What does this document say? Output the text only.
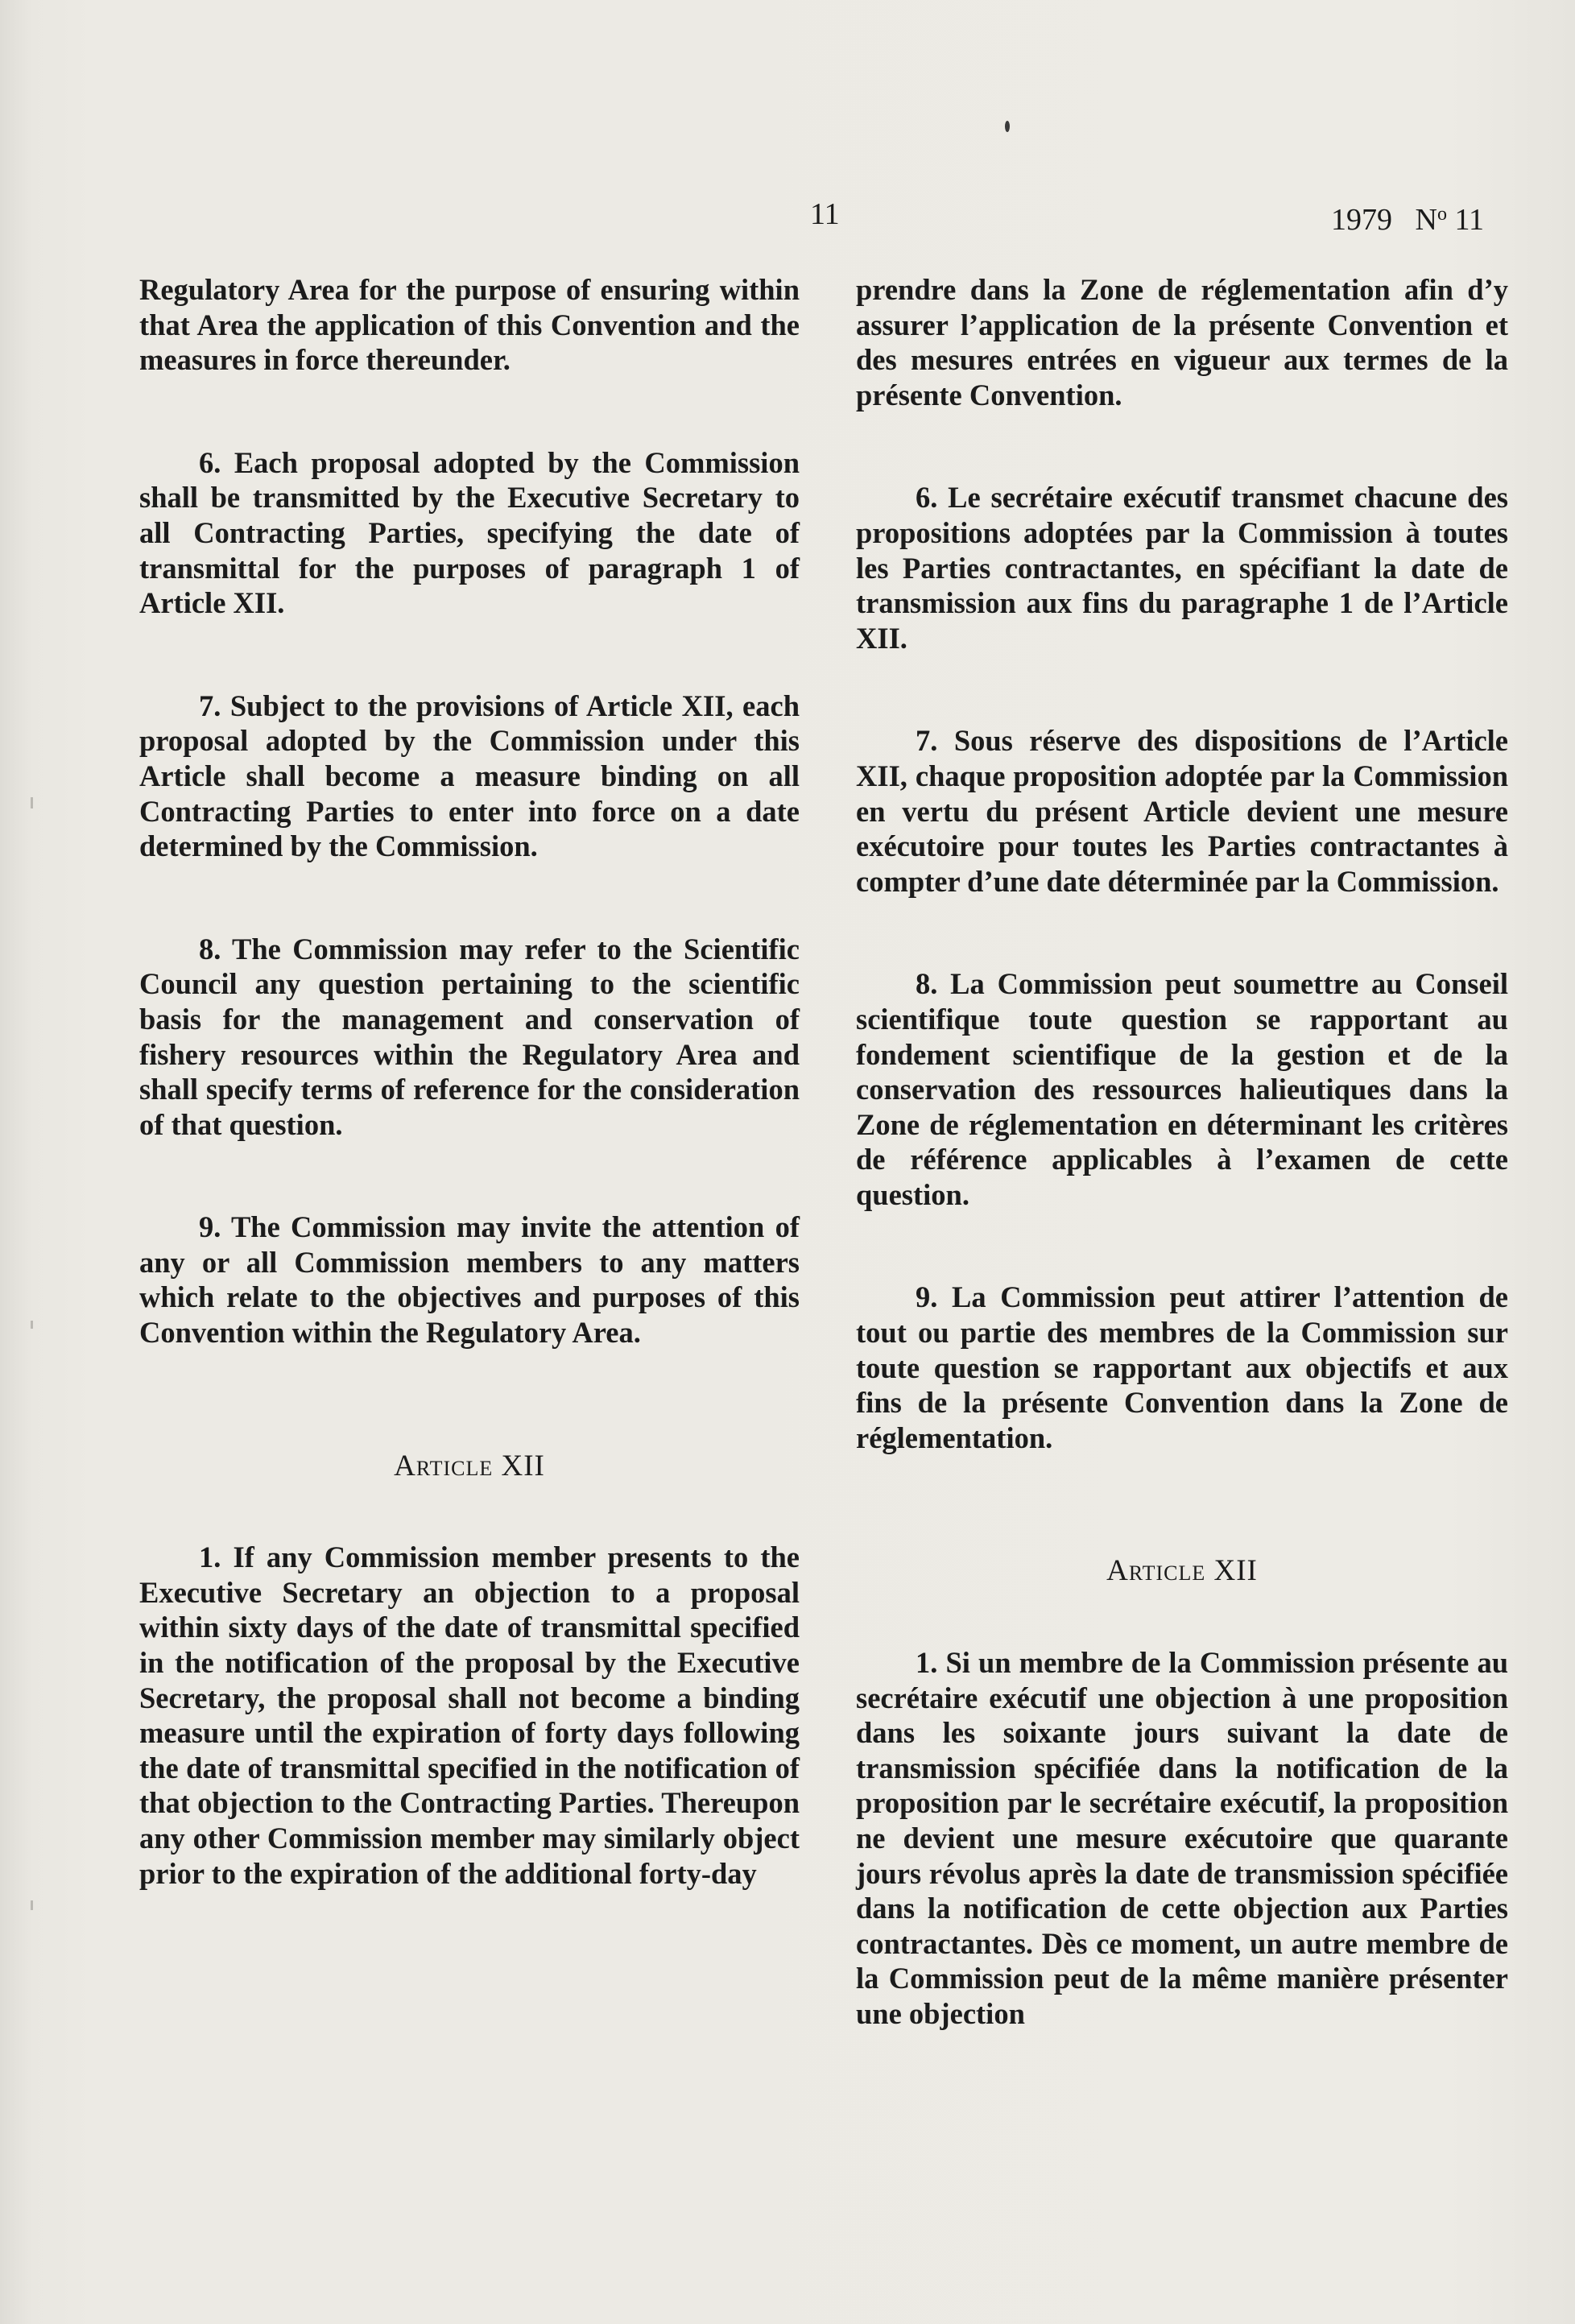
11	1979 $N^o$ 11

Regulatory Area for the purpose of ensuring within that Area the application of this Convention and the measures in force thereunder.

6. Each proposal adopted by the Commission shall be transmitted by the Executive Secretary to all Contracting Parties, specifying the date of transmittal for the purposes of paragraph 1 of Article XII.

7. Subject to the provisions of Article XII, each proposal adopted by the Commission under this Article shall become a measure binding on all Contracting Parties to enter into force on a date determined by the Commission.

8. The Commission may refer to the Scientific Council any question pertaining to the scientific basis for the management and conservation of fishery resources within the Regulatory Area and shall specify terms of reference for the consideration of that question.

9. The Commission may invite the attention of any or all Commission members to any matters which relate to the objectives and purposes of this Convention within the Regulatory Area.

Article XII

1. If any Commission member presents to the Executive Secretary an objection to a proposal within sixty days of the date of transmittal specified in the notification of the proposal by the Executive Secretary, the proposal shall not become a binding measure until the expiration of forty days following the date of transmittal specified in the notification of that objection to the Contracting Parties. Thereupon any other Commission member may similarly object prior to the expiration of the additional forty-day

prendre dans la Zone de réglementation afin d’y assurer l’application de la présente Convention et des mesures entrées en vigueur aux termes de la présente Convention.

6. Le secrétaire exécutif transmet chacune des propositions adoptées par la Commission à toutes les Parties contractantes, en spécifiant la date de transmission aux fins du paragraphe 1 de l’Article XII.

7. Sous réserve des dispositions de l’Article XII, chaque proposition adoptée par la Commission en vertu du présent Article devient une mesure exécutoire pour toutes les Parties contractantes à compter d’une date déterminée par la Commission.

8. La Commission peut soumettre au Conseil scientifique toute question se rapportant au fondement scientifique de la gestion et de la conservation des ressources halieutiques dans la Zone de réglementation en déterminant les critères de référence applicables à l’examen de cette question.

9. La Commission peut attirer l’attention de tout ou partie des membres de la Commission sur toute question se rapportant aux objectifs et aux fins de la présente Convention dans la Zone de réglementation.

Article XII

1. Si un membre de la Commission présente au secrétaire exécutif une objection à une proposition dans les soixante jours suivant la date de transmission spécifiée dans la notification de la proposition par le secrétaire exécutif, la proposition ne devient une mesure exécutoire que quarante jours révolus après la date de transmission spécifiée dans la notification de cette objection aux Parties contractantes. Dès ce moment, un autre membre de la Commission peut de la même manière présenter une objection
